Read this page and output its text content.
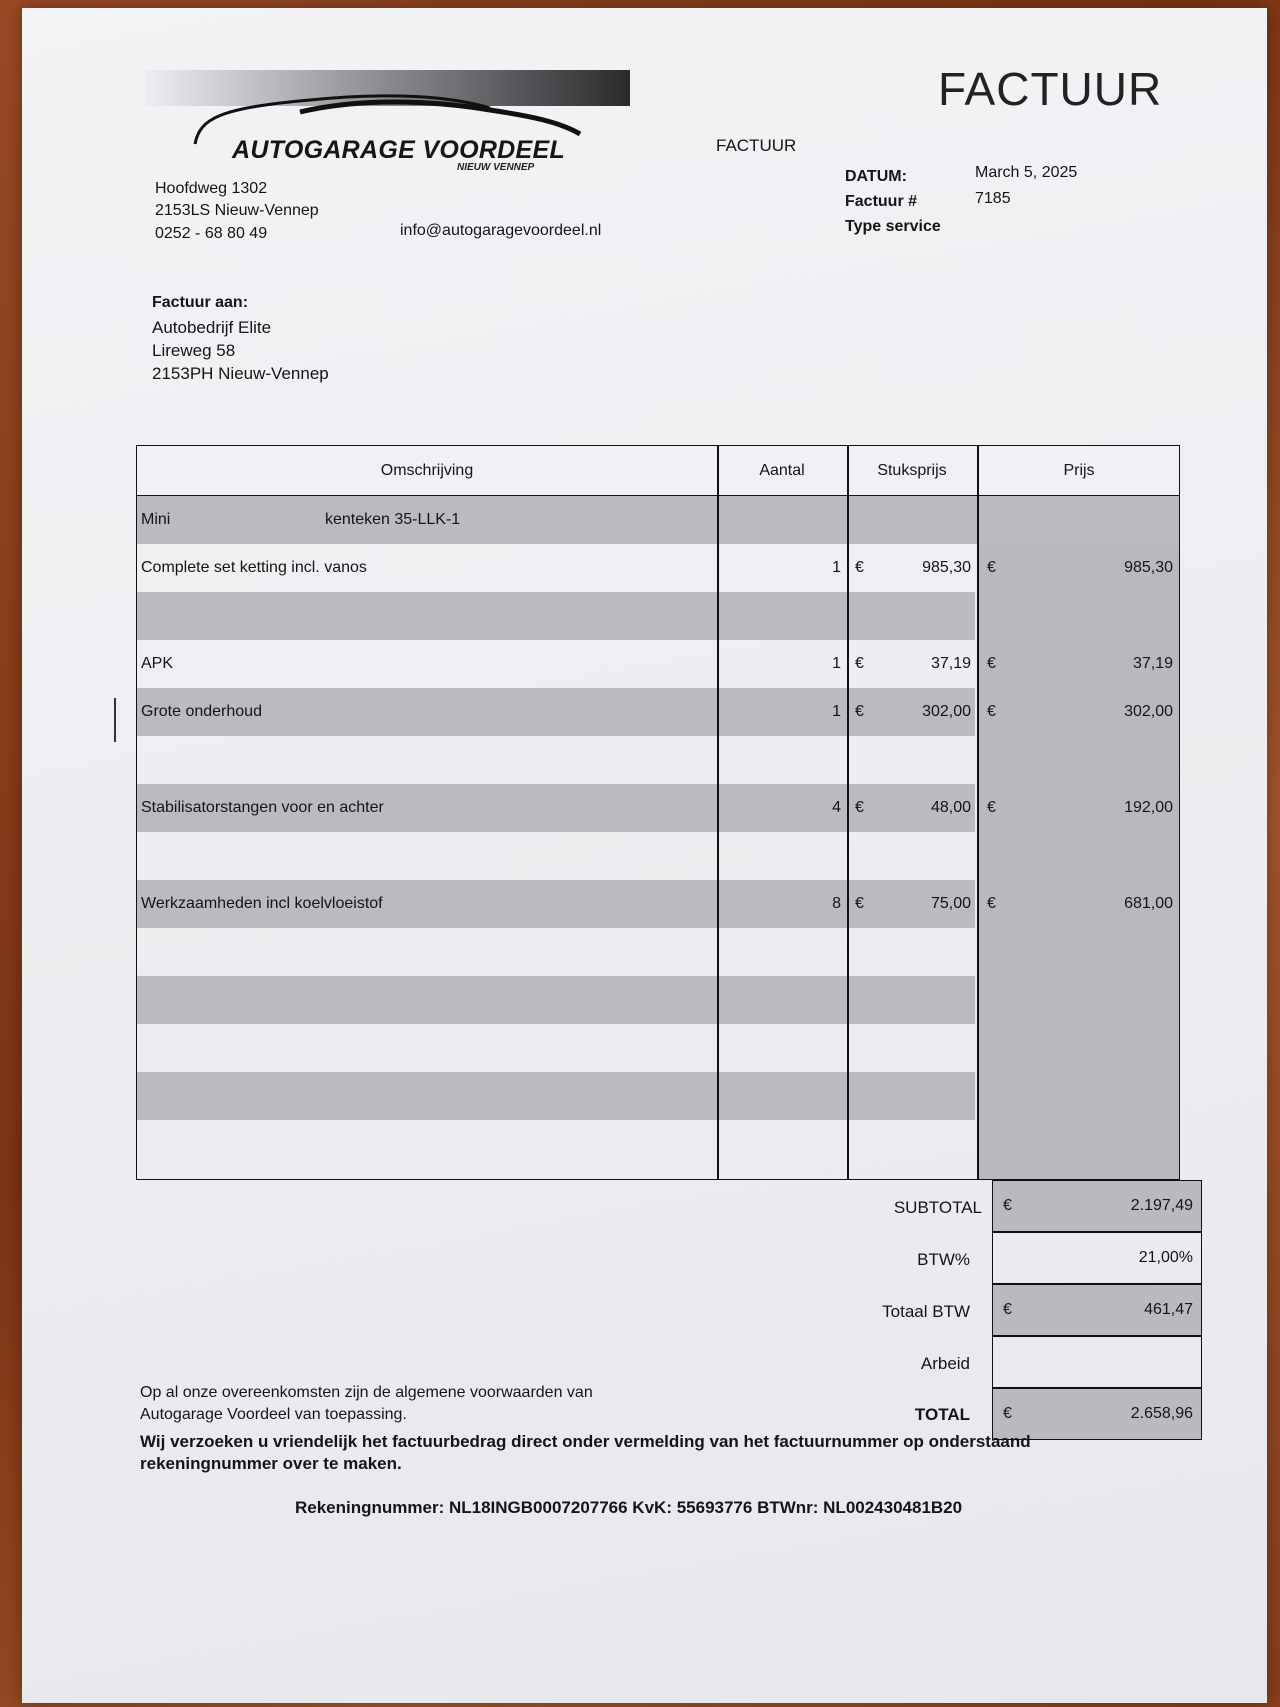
AUTOGARAGE VOORDEEL
NIEUW VENNEP
FACTUUR
FACTUUR
Hoofdweg 1302
2153LS Nieuw-Vennep
0252 - 68 80 49	info@autogaragevoordeel.nl
DATUM:	March 5, 2025
Factuur #	7185
Type service
Factuur aan:
Autobedrijf Elite
Lireweg 58
2153PH Nieuw-Vennep
Omschrijving	Aantal	Stuksprijs	Prijs
Mini	kenteken 35-LLK-1
Complete set ketting incl. vanos	1 €	985,30 €	985,30
APK	1 €	37,19 €	37,19
Grote onderhoud	1 €	302,00 €	302,00
Stabilisatorstangen voor en achter	4 €	48,00 €	192,00
Werkzaamheden incl koelvloeistof	8 €	75,00 €	681,00
SUBTOTAL €	2.197,49
BTW%	21,00%
Totaal BTW €	461,47
Arbeid
TOTAL €	2.658,96
Op al onze overeenkomsten zijn de algemene voorwaarden van
Autogarage Voordeel van toepassing.
Wij verzoeken u vriendelijk het factuurbedrag direct onder vermelding van het factuurnummer op onderstaand
rekeningnummer over te maken.
Rekeningnummer: NL18INGB0007207766 KvK: 55693776 BTWnr: NL002430481B20
